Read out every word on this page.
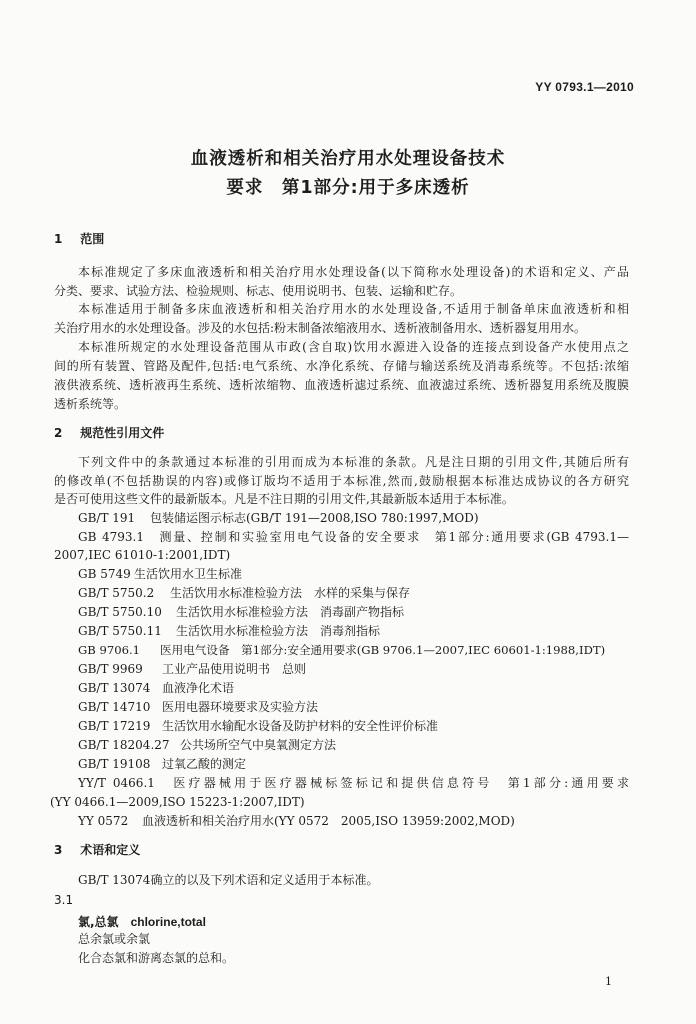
YY 0793.1—2010
血液透析和相关治疗用水处理设备技术
要求　第1部分:用于多床透析
1 范围
本标准规定了多床血液透析和相关治疗用水处理设备(以下简称水处理设备)的术语和定义、产品
分类、要求、试验方法、检验规则、标志、使用说明书、包装、运输和贮存。
本标准适用于制备多床血液透析和相关治疗用水的水处理设备,不适用于制备单床血液透析和相
关治疗用水的水处理设备。涉及的水包括:粉末制备浓缩液用水、透析液制备用水、透析器复用用水。
本标准所规定的水处理设备范围从市政(含自取)饮用水源进入设备的连接点到设备产水使用点之
间的所有装置、管路及配件,包括:电气系统、水净化系统、存储与输送系统及消毒系统等。不包括:浓缩
液供液系统、透析液再生系统、透析浓缩物、血液透析滤过系统、血液滤过系统、透析器复用系统及腹膜
透析系统等。
2 规范性引用文件
下列文件中的条款通过本标准的引用而成为本标准的条款。凡是注日期的引用文件,其随后所有
的修改单(不包括勘误的内容)或修订版均不适用于本标准,然而,鼓励根据本标准达成协议的各方研究
是否可使用这些文件的最新版本。凡是不注日期的引用文件,其最新版本适用于本标准。
GB/T 191 包装储运图示标志(GB/T 191—2008,ISO 780:1997,MOD)
GB 4793.1　 测量、控制和实验室用电气设备的安全要求　第1部分:通用要求(GB 4793.1—
2007,IEC 61010-1:2001,IDT)
GB 5749 生活饮用水卫生标准
GB/T 5750.2 生活饮用水标准检验方法　水样的采集与保存
GB/T 5750.10 生活饮用水标准检验方法　消毒副产物指标
GB/T 5750.11 生活饮用水标准检验方法　消毒剂指标
GB 9706.1 医用电气设备　第1部分:安全通用要求(GB 9706.1—2007,IEC 60601-1:1988,IDT)
GB/T 9969 工业产品使用说明书　总则
GB/T 13074 血液净化术语
GB/T 14710 医用电器环境要求及实验方法
GB/T 17219 生活饮用水输配水设备及防护材料的安全性评价标准
GB/T 18204.27 公共场所空气中臭氧测定方法
GB/T 19108 过氧乙酸的测定
YY/T 0466.1　 医疗器械用于医疗器械标签标记和提供信息符号　第1部分:通用要求
(YY 0466.1—2009,ISO 15223-1:2007,IDT)
YY 0572 血液透析和相关治疗用水(YY 0572　2005,ISO 13959:2002,MOD)
3 术语和定义
GB/T 13074确立的以及下列术语和定义适用于本标准。
3.1
氯,总氯 chlorine,total
总余氯或余氯
化合态氯和游离态氯的总和。
1
